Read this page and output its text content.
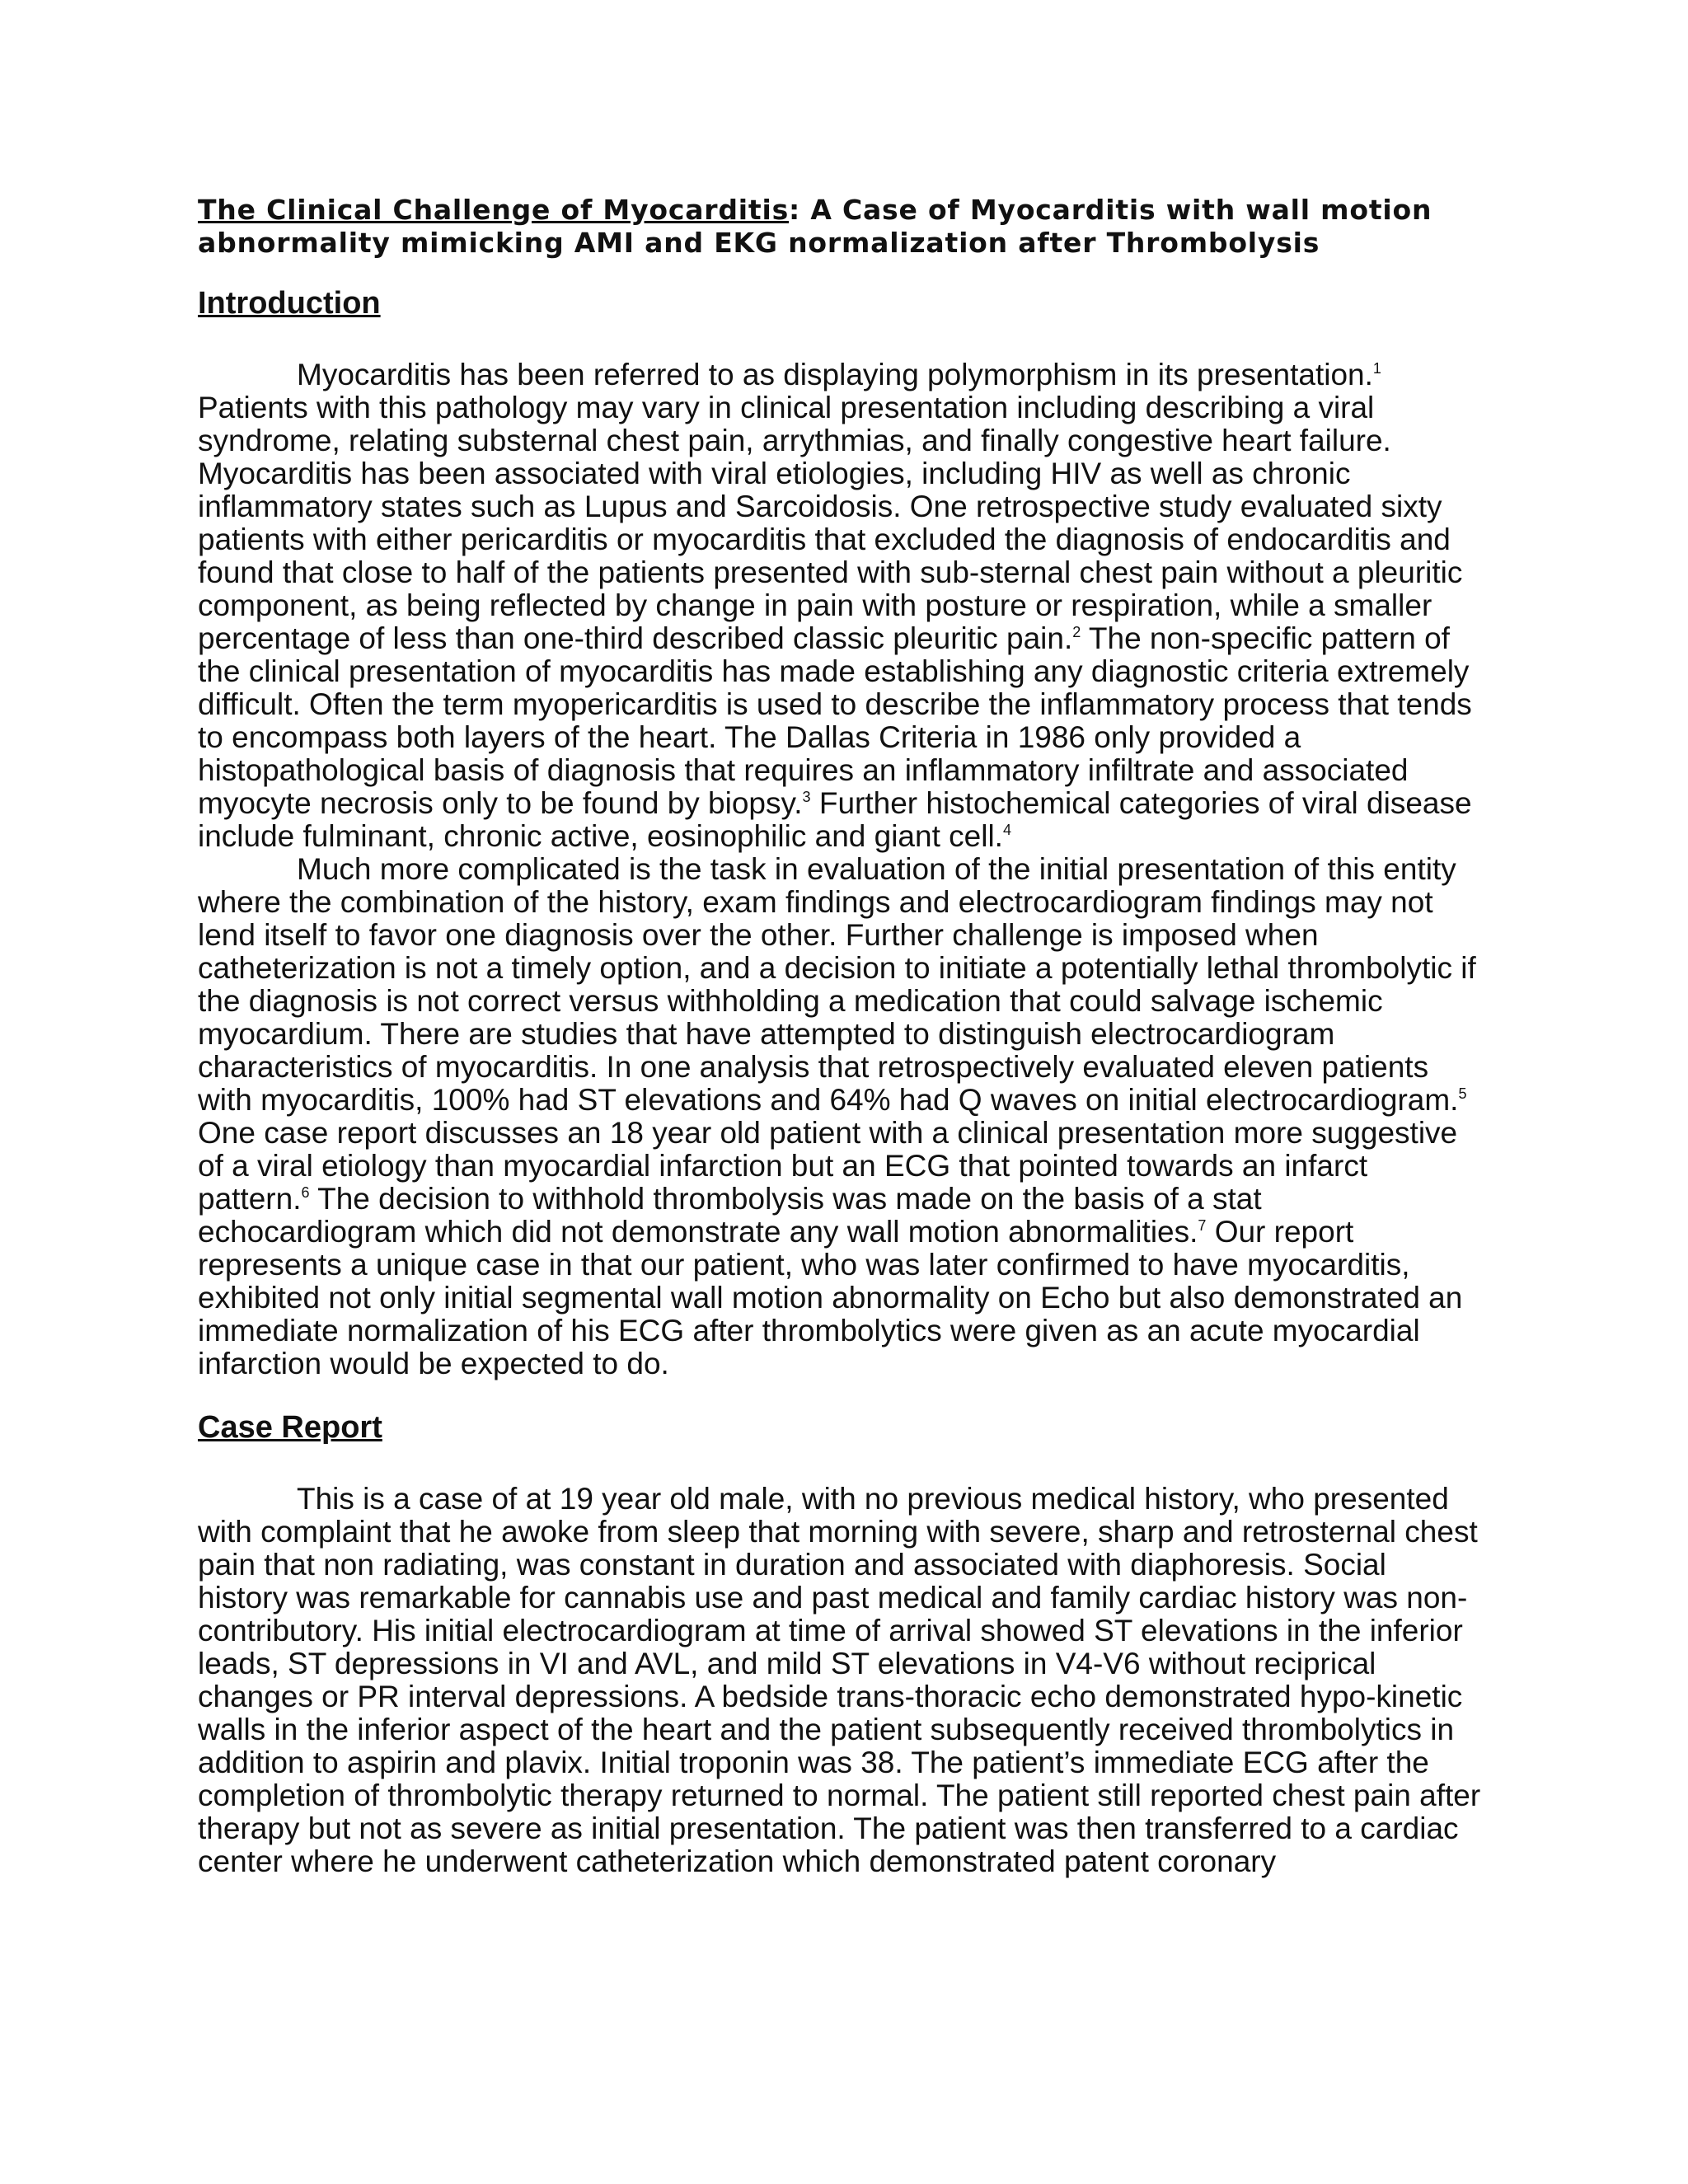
The Clinical Challenge of Myocarditis: A Case of Myocarditis with wall motion abnormality mimicking AMI and EKG normalization after Thrombolysis
Introduction

Myocarditis has been referred to as displaying polymorphism in its presentation.$^1$ Patients with this pathology may vary in clinical presentation including describing a viral syndrome, relating substernal chest pain, arrythmias, and finally congestive heart failure. Myocarditis has been associated with viral etiologies, including HIV as well as chronic inflammatory states such as Lupus and Sarcoidosis. One retrospective study evaluated sixty patients with either pericarditis or myocarditis that excluded the diagnosis of endocarditis and found that close to half of the patients presented with sub-sternal chest pain without a pleuritic component, as being reflected by change in pain with posture or respiration, while a smaller percentage of less than one-third described classic pleuritic pain.$^2$ The non-specific pattern of the clinical presentation of myocarditis has made establishing any diagnostic criteria extremely difficult. Often the term myopericarditis is used to describe the inflammatory process that tends to encompass both layers of the heart. The Dallas Criteria in 1986 only provided a histopathological basis of diagnosis that requires an inflammatory infiltrate and associated myocyte necrosis only to be found by biopsy.$^3$ Further histochemical categories of viral disease include fulminant, chronic active, eosinophilic and giant cell.$^4$

Much more complicated is the task in evaluation of the initial presentation of this entity where the combination of the history, exam findings and electrocardiogram findings may not lend itself to favor one diagnosis over the other. Further challenge is imposed when catheterization is not a timely option, and a decision to initiate a potentially lethal thrombolytic if the diagnosis is not correct versus withholding a medication that could salvage ischemic myocardium. There are studies that have attempted to distinguish electrocardiogram characteristics of myocarditis. In one analysis that retrospectively evaluated eleven patients with myocarditis, 100% had ST elevations and 64% had Q waves on initial electrocardiogram.$^5$ One case report discusses an 18 year old patient with a clinical presentation more suggestive of a viral etiology than myocardial infarction but an ECG that pointed towards an infarct pattern.$^6$ The decision to withhold thrombolysis was made on the basis of a stat echocardiogram which did not demonstrate any wall motion abnormalities.$^7$ Our report represents a unique case in that our patient, who was later confirmed to have myocarditis, exhibited not only initial segmental wall motion abnormality on Echo but also demonstrated an immediate normalization of his ECG after thrombolytics were given as an acute myocardial infarction would be expected to do.

Case Report

This is a case of at 19 year old male, with no previous medical history, who presented with complaint that he awoke from sleep that morning with severe, sharp and retrosternal chest pain that non radiating, was constant in duration and associated with diaphoresis. Social history was remarkable for cannabis use and past medical and family cardiac history was non-contributory. His initial electrocardiogram at time of arrival showed ST elevations in the inferior leads, ST depressions in VI and AVL, and mild ST elevations in V4-V6 without reciprical changes or PR interval depressions. A bedside trans-thoracic echo demonstrated hypo-kinetic walls in the inferior aspect of the heart and the patient subsequently received thrombolytics in addition to aspirin and plavix. Initial troponin was 38. The patient’s immediate ECG after the completion of thrombolytic therapy returned to normal. The patient still reported chest pain after therapy but not as severe as initial presentation. The patient was then transferred to a cardiac center where he underwent catheterization which demonstrated patent coronary
